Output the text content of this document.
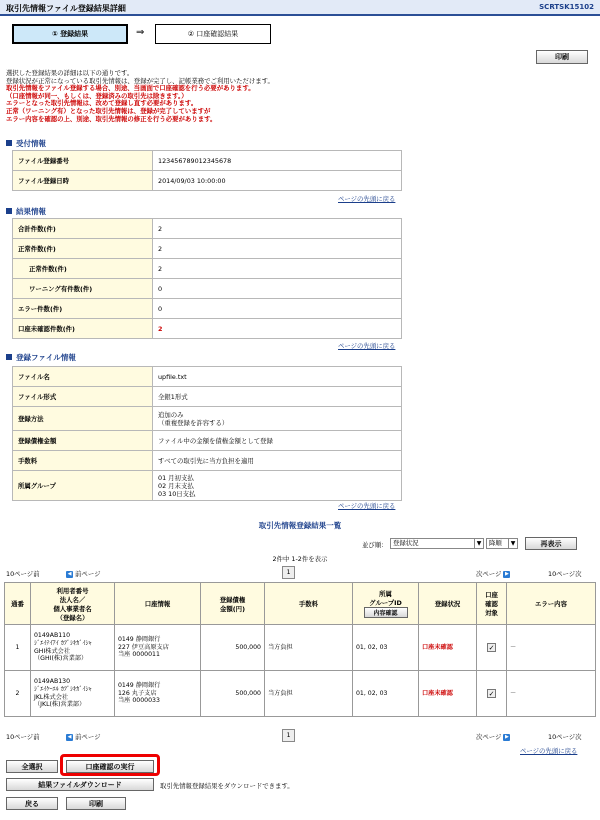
取引先情報ファイル登録結果詳細	SCRTSK15102
① 登録結果	⇒	② 口座確認結果
印刷
選択した登録結果の詳細は以下の通りです。
登録状況が正常になっている取引先情報は、登録が完了し、記帳業務でご利用いただけます。
取引先情報をファイル登録する場合、別途、当画面で口座確認を行う必要があります。
（口座情報が同一、もしくは、登録済みの取引先は除きます。）
エラーとなった取引先情報は、改めて登録し直す必要があります。
正常（ワーニング有）となった取引先情報は、登録が完了していますが
エラー内容を確認の上、別途、取引先情報の修正を行う必要があります。
受付情報
ファイル登録番号	123456789012345678
ファイル登録日時	2014/09/03 10:00:00
ページの先頭に戻る
結果情報
合計件数(件)	2
正常件数(件)	2
正常件数(件)	2
ワーニング有件数(件)	0
エラー件数(件)	0
口座未確認件数(件)	2
ページの先頭に戻る
登録ファイル情報
ファイル名	upfile.txt
ファイル形式	全銀1形式
登録方法	追加のみ
（重複登録を許容する）
登録債権金額	ファイル中の金額を債権金額として登録
手数料	すべての取引先に当方負担を適用
所属グループ	01 月初支払
02 月末支払
03 10日支払
ページの先頭に戻る
取引先情報登録結果一覧
並び順： 登録状況	▼	降順	▼	再表示
2件中 1-2件を表示
10ページ前	◀ 前ページ	1	次ページ ▶	10ページ次
通番	利用者番号
法人名／
個人事業者名
（登録名）	口座情報	登録債権
金額(円)	手数料	所属
グループID
内容確認	登録状況	口座
確認
対象	エラー内容
1	0149AB110
ｼﾞｴｲﾃｲｱｲ ｶﾌﾞｼｷｶﾞｲｼｬ
GHI株式会社
（GHI(株)営業部）	0149 静岡銀行
227 伊豆高原支店
当座 0000011	500,000	当方負担	01, 02, 03	口座未確認	✓	－
2	0149AB130
ｼﾞｴｲｹｰｴﾙ ｶﾌﾞｼｷｶﾞｲｼｬ
JKL株式会社
（JKL(株)営業部）	0149 静岡銀行
126 丸子支店
当座 0000033	500,000	当方負担	01, 02, 03	口座未確認	✓	－
10ページ前	◀ 前ページ	1	次ページ ▶	10ページ次
ページの先頭に戻る
全選択	口座確認の実行
結果ファイルダウンロード	取引先情報登録結果をダウンロードできます。
戻る	印刷
